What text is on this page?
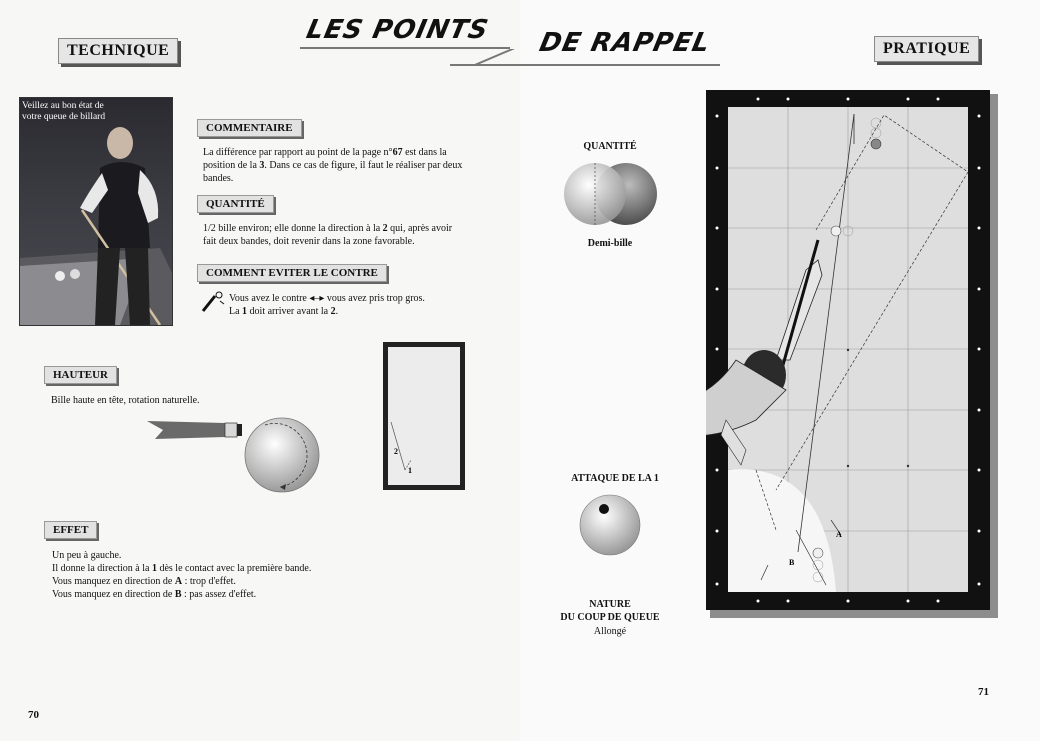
TECHNIQUE
Veillez au bon état de
votre queue de billard
COMMENTAIRE
La différence par rapport au point de la page n°67 est dans la
position de la 3. Dans ce cas de figure, il faut le réaliser par deux
bandes.
QUANTITÉ
1/2 bille environ; elle donne la direction à la 2 qui, après avoir
fait deux bandes, doit revenir dans la zone favorable.
COMMENT EVITER LE CONTRE
Vous avez le contre ◂–▸ vous avez pris trop gros.
La 1 doit arriver avant la 2.
2
1
HAUTEUR
Bille haute en tête, rotation naturelle.
EFFET
Un peu à gauche.
Il donne la direction à la 1 dès le contact avec la première bande.
Vous manquez en direction de A : trop d'effet.
Vous manquez en direction de B : pas assez d'effet.
70
PRATIQUE
QUANTITÉ
Demi-bille
ATTAQUE DE LA 1
NATURE
DU COUP DE QUEUE
Allongé
A
B
71
LES POINTS DE RAPPEL
